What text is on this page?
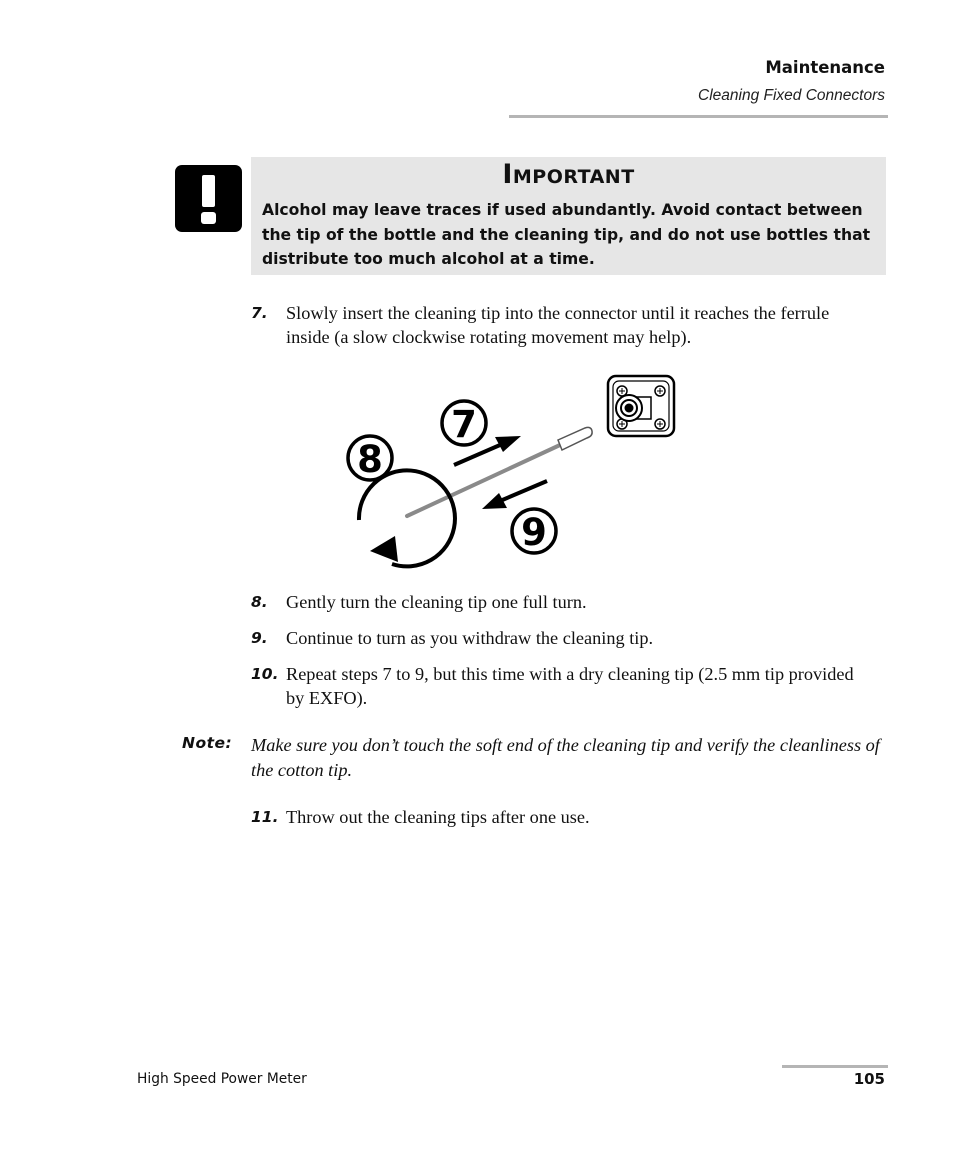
Maintenance
Cleaning Fixed Connectors
Important
Alcohol may leave traces if used abundantly. Avoid contact between the tip of the bottle and the cleaning tip, and do not use bottles that distribute too much alcohol at a time.
7. Slowly insert the cleaning tip into the connector until it reaches the ferrule inside (a slow clockwise rotating movement may help).
7
8
9
8. Gently turn the cleaning tip one full turn.
9. Continue to turn as you withdraw the cleaning tip.
10. Repeat steps 7 to 9, but this time with a dry cleaning tip (2.5 mm tip provided by EXFO).
Note: Make sure you don’t touch the soft end of the cleaning tip and verify the cleanliness of the cotton tip.
11. Throw out the cleaning tips after one use.
High Speed Power Meter	105
